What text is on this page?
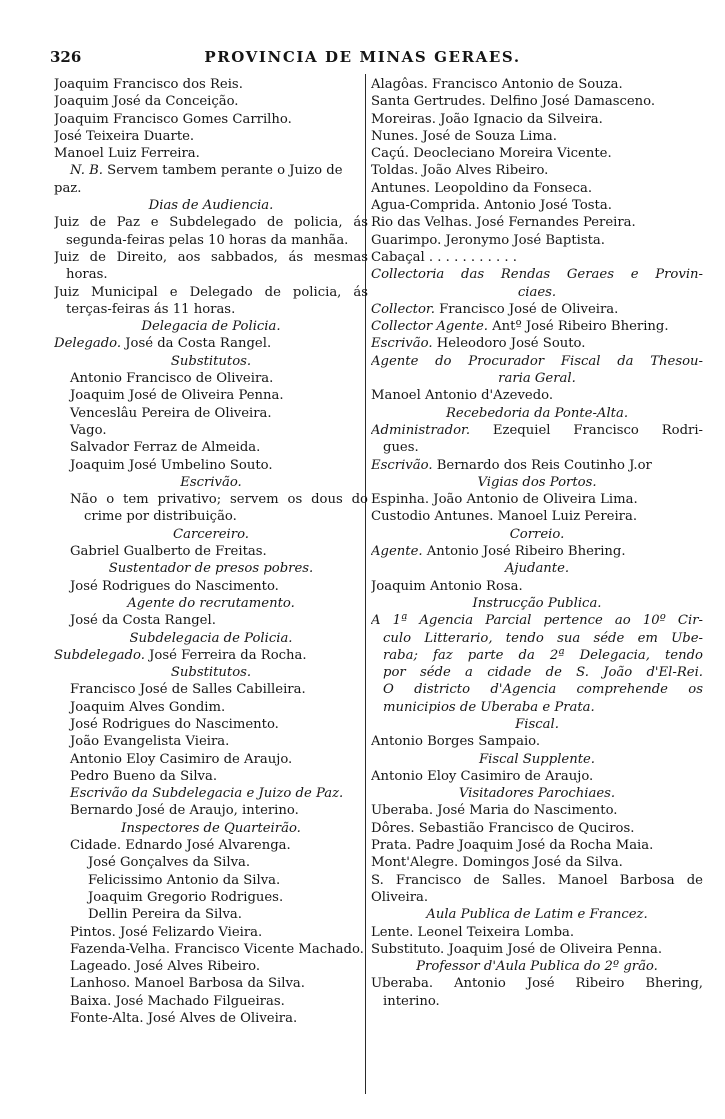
326	PROVINCIA DE MINAS GERAES.
Joaquim Francisco dos Reis.
Joaquim José da Conceição.
Joaquim Francisco Gomes Carrilho.
José Teixeira Duarte.
Manoel Luiz Ferreira.
N. B. Servem tambem perante o Juizo de
paz.
Dias de Audiencia.
Juiz de Paz e Subdelegado de policia, ás
segunda-feiras pelas 10 horas da manhãa.
Juiz de Direito, aos sabbados, ás mesmas
horas.
Juiz Municipal e Delegado de policia, ás
terças-feiras ás 11 horas.
Delegacia de Policia.
Delegado. José da Costa Rangel.
Substitutos.
Antonio Francisco de Oliveira.
Joaquim José de Oliveira Penna.
Venceslâu Pereira de Oliveira.
Vago.
Salvador Ferraz de Almeida.
Joaquim José Umbelino Souto.
Escrivão.
Não o tem privativo; servem os dous do
crime por distribuição.
Carcereiro.
Gabriel Gualberto de Freitas.
Sustentador de presos pobres.
José Rodrigues do Nascimento.
Agente do recrutamento.
José da Costa Rangel.
Subdelegacia de Policia.
Subdelegado. José Ferreira da Rocha.
Substitutos.
Francisco José de Salles Cabilleira.
Joaquim Alves Gondim.
José Rodrigues do Nascimento.
João Evangelista Vieira.
Antonio Eloy Casimiro de Araujo.
Pedro Bueno da Silva.
Escrivão da Subdelegacia e Juizo de Paz.
Bernardo José de Araujo, interino.
Inspectores de Quarteirão.
Cidade. Ednardo José Alvarenga.
José Gonçalves da Silva.
Felicissimo Antonio da Silva.
Joaquim Gregorio Rodrigues.
Dellin Pereira da Silva.
Pintos. José Felizardo Vieira.
Fazenda-Velha. Francisco Vicente Machado.
Lageado. José Alves Ribeiro.
Lanhoso. Manoel Barbosa da Silva.
Baixa. José Machado Filgueiras.
Fonte-Alta. José Alves de Oliveira.
Alagôas. Francisco Antonio de Souza.
Santa Gertrudes. Delfino José Damasceno.
Moreiras. João Ignacio da Silveira.
Nunes. José de Souza Lima.
Caçú. Deocleciano Moreira Vicente.
Toldas. João Alves Ribeiro.
Antunes. Leopoldino da Fonseca.
Agua-Comprida. Antonio José Tosta.
Rio das Velhas. José Fernandes Pereira.
Guarimpo. Jeronymo José Baptista.
Cabaçal . . . . . . . . . . .
Collectoria das Rendas Geraes e Provin-
ciaes.
Collector. Francisco José de Oliveira.
Collector Agente. Antº José Ribeiro Bhering.
Escrivão. Heleodoro José Souto.
Agente do Procurador Fiscal da Thesou-
raria Geral.
Manoel Antonio d'Azevedo.
Recebedoria da Ponte-Alta.
Administrador. Ezequiel Francisco Rodri-
gues.
Escrivão. Bernardo dos Reis Coutinho J.or
Vigias dos Portos.
Espinha. João Antonio de Oliveira Lima.
Custodio Antunes. Manoel Luiz Pereira.
Correio.
Agente. Antonio José Ribeiro Bhering.
Ajudante.
Joaquim Antonio Rosa.
Instrucção Publica.
A 1ª Agencia Parcial pertence ao 10º Cir-
culo Litterario, tendo sua séde em Ube-
raba; faz parte da 2ª Delegacia, tendo
por séde a cidade de S. João d'El-Rei.
O districto d'Agencia comprehende os
municipios de Uberaba e Prata.
Fiscal.
Antonio Borges Sampaio.
Fiscal Supplente.
Antonio Eloy Casimiro de Araujo.
Visitadores Parochiaes.
Uberaba. José Maria do Nascimento.
Dôres. Sebastião Francisco de Quciros.
Prata. Padre Joaquim José da Rocha Maia.
Mont'Alegre. Domingos José da Silva.
S. Francisco de Salles. Manoel Barbosa de
Oliveira.
Aula Publica de Latim e Francez.
Lente. Leonel Teixeira Lomba.
Substituto. Joaquim José de Oliveira Penna.
Professor d'Aula Publica do 2º grão.
Uberaba. Antonio José Ribeiro Bhering,
interino.
